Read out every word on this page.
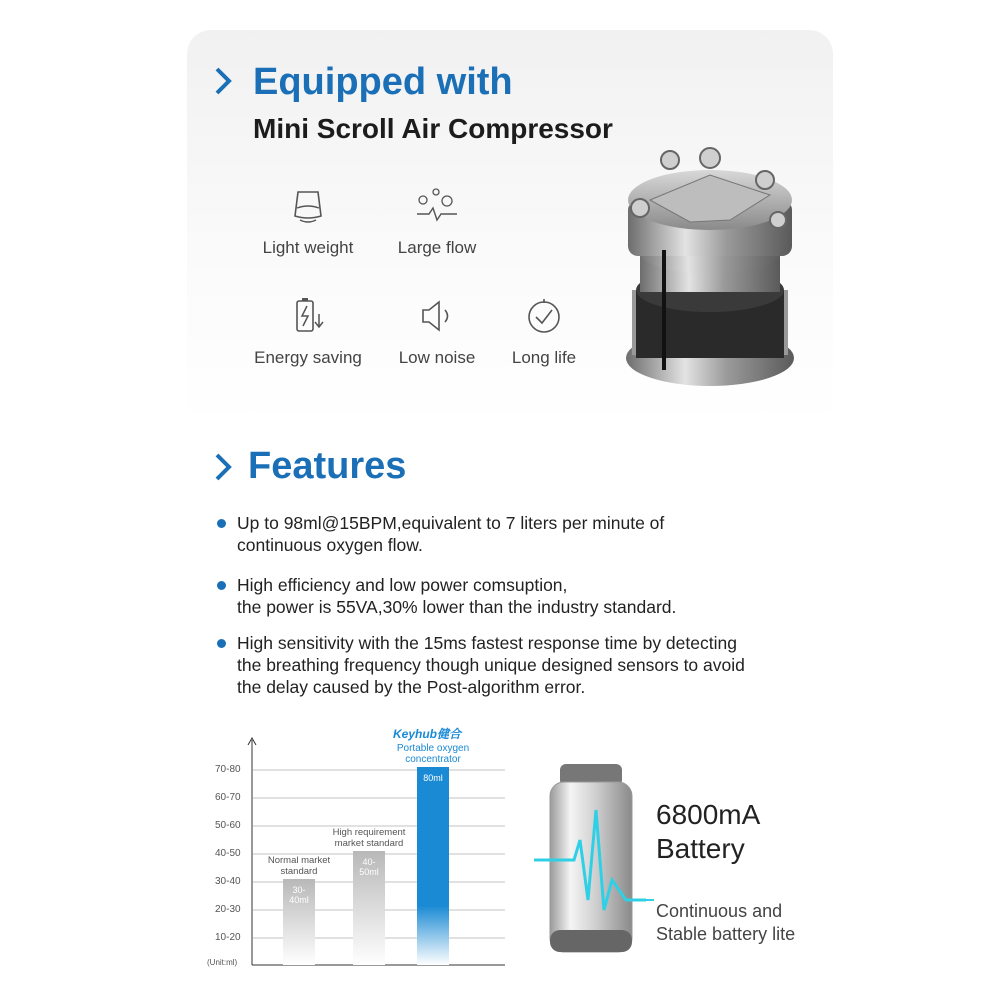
Equipped with
Mini Scroll Air Compressor
Light weight	Large flow
Energy saving	Low noise	Long life
Features
Up to 98ml@15BPM,equivalent to 7 liters per minute of
continuous oxygen flow.
High efficiency and low power comsuption,
the power is 55VA,30% lower than the industry standard.
High sensitivity with the 15ms fastest response time by detecting
the breathing frequency though unique designed sensors to avoid
the delay caused by the Post-algorithm error.
(Unit:ml)
70-80
60-70
50-60
40-50
30-40
20-30
10-20
30-40ml
Normal market
standard
40-50ml
High requirement
market standard
80ml
Portable oxygen
concentrator
Keyhub健合
6800mA
Battery
Continuous and
Stable battery lite
